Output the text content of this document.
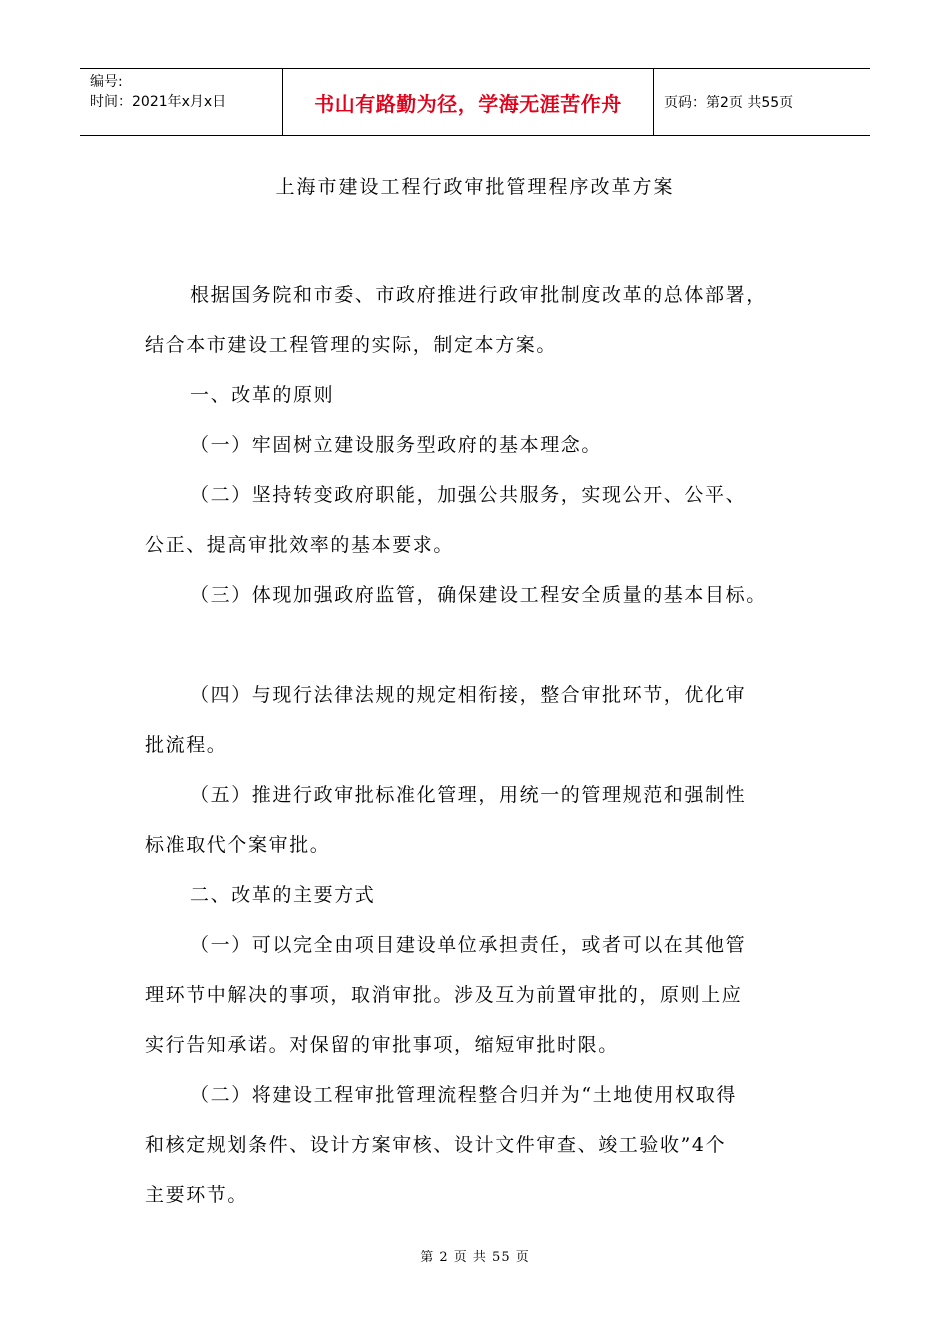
编号:
时间：2021年x月x日	书山有路勤为径，学海无涯苦作舟	页码：第2页 共55页
上海市建设工程行政审批管理程序改革方案

根据国务院和市委、市政府推进行政审批制度改革的总体部署，

结合本市建设工程管理的实际，制定本方案。

一、改革的原则

（一）牢固树立建设服务型政府的基本理念。

（二）坚持转变政府职能，加强公共服务，实现公开、公平、

公正、提高审批效率的基本要求。

（三）体现加强政府监管，确保建设工程安全质量的基本目标。

（四）与现行法律法规的规定相衔接，整合审批环节，优化审

批流程。

（五）推进行政审批标准化管理，用统一的管理规范和强制性

标准取代个案审批。

二、改革的主要方式

（一）可以完全由项目建设单位承担责任，或者可以在其他管

理环节中解决的事项，取消审批。涉及互为前置审批的，原则上应

实行告知承诺。对保留的审批事项，缩短审批时限。

（二）将建设工程审批管理流程整合归并为“土地使用权取得

和核定规划条件、设计方案审核、设计文件审查、竣工验收”4个

主要环节。

第 2 页 共 55 页
